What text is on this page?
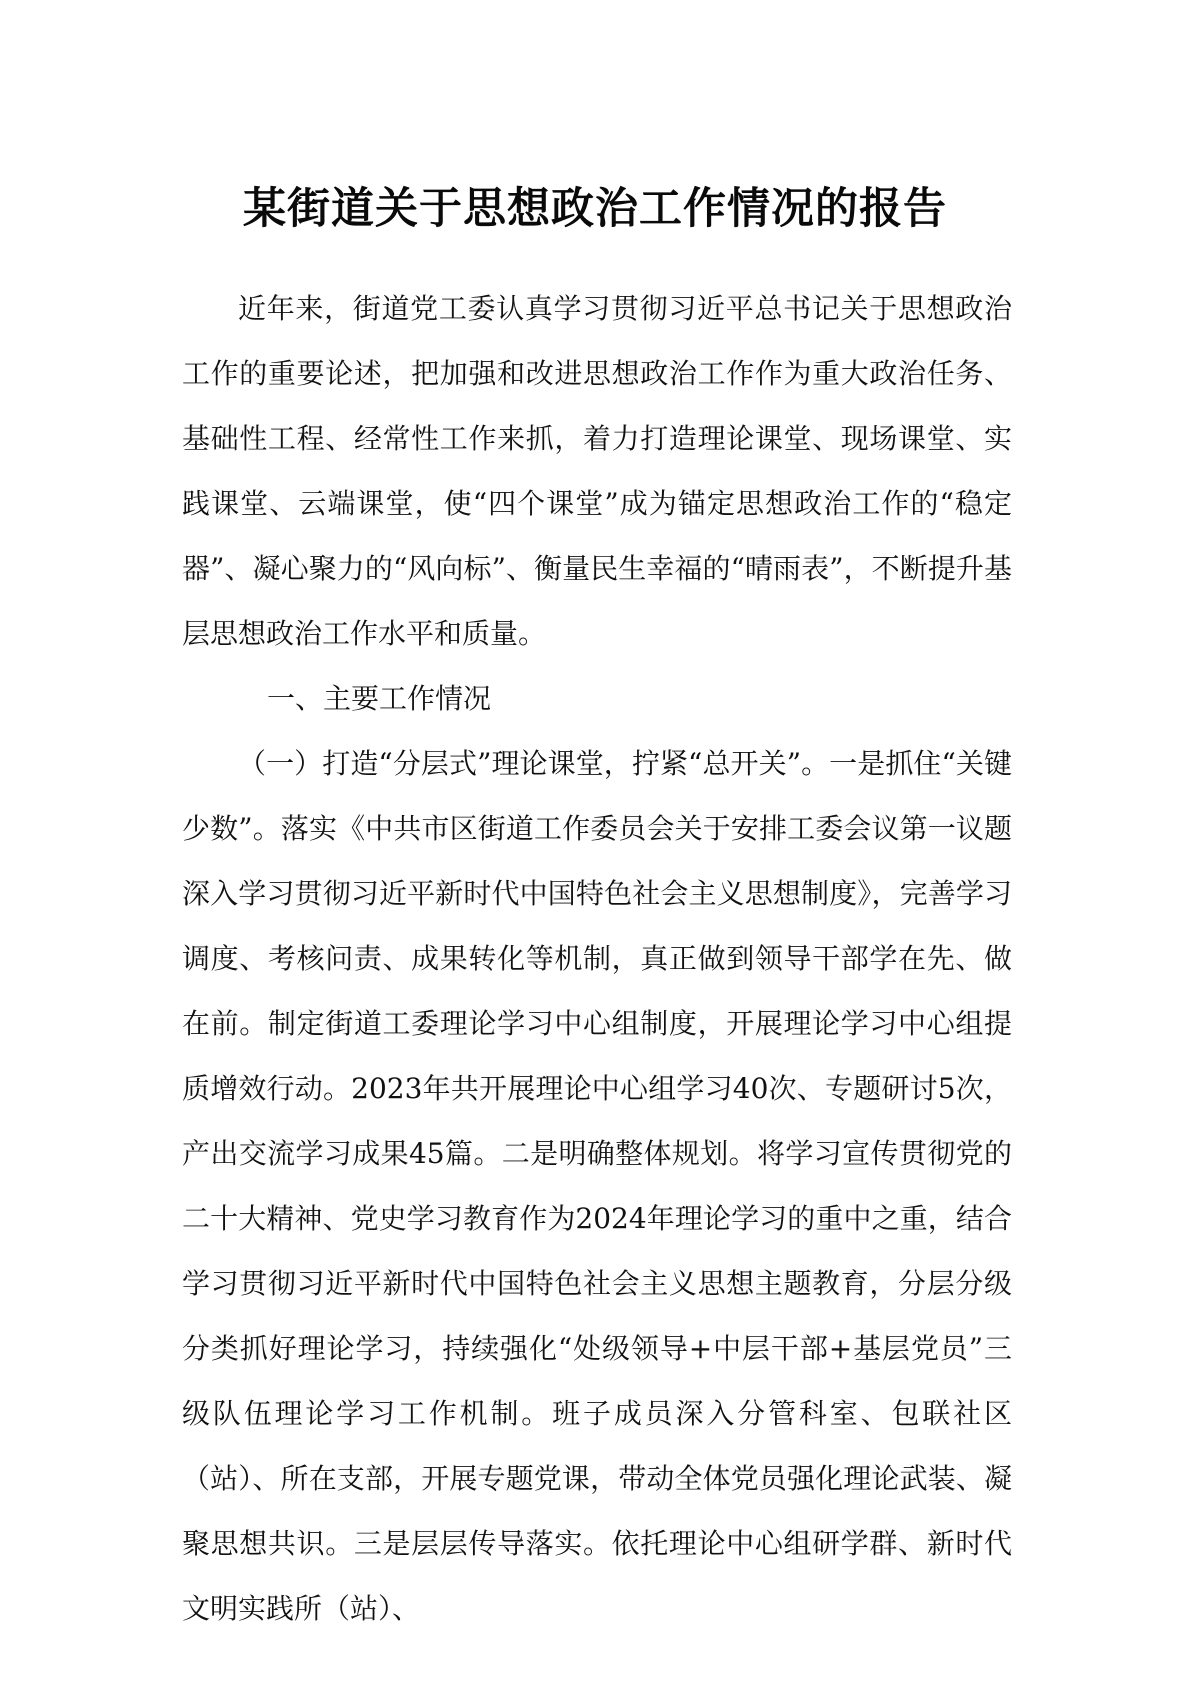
某街道关于思想政治工作情况的报告

近年来，街道党工委认真学习贯彻习近平总书记关于思想政治工作的重要论述，把加强和改进思想政治工作作为重大政治任务、基础性工程、经常性工作来抓，着力打造理论课堂、现场课堂、实践课堂、云端课堂，使“四个课堂”成为锚定思想政治工作的“稳定器”、凝心聚力的“风向标”、衡量民生幸福的“晴雨表”，不断提升基层思想政治工作水平和质量。

一、主要工作情况

（一）打造“分层式”理论课堂，拧紧“总开关”。一是抓住“关键少数”。落实《中共市区街道工作委员会关于安排工委会议第一议题深入学习贯彻习近平新时代中国特色社会主义思想制度》，完善学习调度、考核问责、成果转化等机制，真正做到领导干部学在先、做在前。制定街道工委理论学习中心组制度，开展理论学习中心组提质增效行动。2023年共开展理论中心组学习40次、专题研讨5次，产出交流学习成果45篇。二是明确整体规划。将学习宣传贯彻党的二十大精神、党史学习教育作为2024年理论学习的重中之重，结合学习贯彻习近平新时代中国特色社会主义思想主题教育，分层分级分类抓好理论学习，持续强化“处级领导+中层干部+基层党员”三级队伍理论学习工作机制。班子成员深入分管科室、包联社区（站）、所在支部，开展专题党课，带动全体党员强化理论武装、凝聚思想共识。三是层层传导落实。依托理论中心组研学群、新时代文明实践所（站）、
